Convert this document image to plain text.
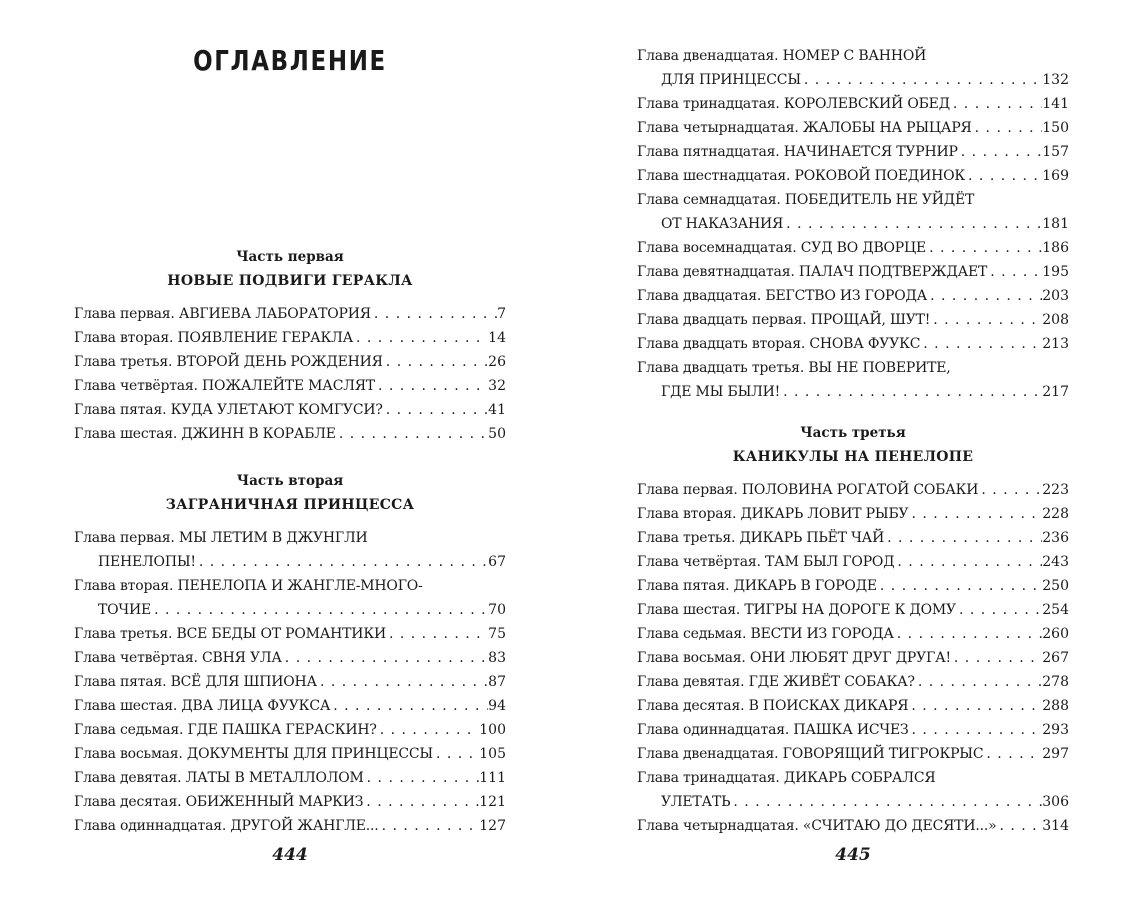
ОГЛАВЛЕНИЕ
Часть первая
НОВЫЕ ПОДВИГИ ГЕРАКЛА
Глава первая. АВГИЕВА ЛАБОРАТОРИЯ . . .	7
Глава вторая. ПОЯВЛЕНИЕ ГЕРАКЛА . . .	14
Глава третья. ВТОРОЙ ДЕНЬ РОЖДЕНИЯ . . .	26
Глава четвёртая. ПОЖАЛЕЙТЕ МАСЛЯТ . . .	32
Глава пятая. КУДА УЛЕТАЮТ КОМГУСИ? . . .	41
Глава шестая. ДЖИНН В КОРАБЛЕ . . .	50
Часть вторая
ЗАГРАНИЧНАЯ ПРИНЦЕССА
Глава первая. МЫ ЛЕТИМ В ДЖУНГЛИ
ПЕНЕЛОПЫ! . . .	67
Глава вторая. ПЕНЕЛОПА И ЖАНГЛЕ-МНОГО-
ТОЧИЕ . . .	70
Глава третья. ВСЕ БЕДЫ ОТ РОМАНТИКИ . . .	75
Глава четвёртая. СВНЯ УЛА . . .	83
Глава пятая. ВСЁ ДЛЯ ШПИОНА . . .	87
Глава шестая. ДВА ЛИЦА ФУУКСА . . .	94
Глава седьмая. ГДЕ ПАШКА ГЕРАСКИН? . . .	100
Глава восьмая. ДОКУМЕНТЫ ДЛЯ ПРИНЦЕССЫ . . .	105
Глава девятая. ЛАТЫ В МЕТАЛЛОЛОМ . . .	111
Глава десятая. ОБИЖЕННЫЙ МАРКИЗ . . .	121
Глава одиннадцатая. ДРУГОЙ ЖАНГЛЕ... . . .	127
Глава двенадцатая. НОМЕР С ВАННОЙ
ДЛЯ ПРИНЦЕССЫ . . .	132
Глава тринадцатая. КОРОЛЕВСКИЙ ОБЕД . . .	141
Глава четырнадцатая. ЖАЛОБЫ НА РЫЦАРЯ . . .	150
Глава пятнадцатая. НАЧИНАЕТСЯ ТУРНИР . . .	157
Глава шестнадцатая. РОКОВОЙ ПОЕДИНОК . . .	169
Глава семнадцатая. ПОБЕДИТЕЛЬ НЕ УЙДЁТ
ОТ НАКАЗАНИЯ . . .	181
Глава восемнадцатая. СУД ВО ДВОРЦЕ . . .	186
Глава девятнадцатая. ПАЛАЧ ПОДТВЕРЖДАЕТ . . .	195
Глава двадцатая. БЕГСТВО ИЗ ГОРОДА . . .	203
Глава двадцать первая. ПРОЩАЙ, ШУТ! . . .	208
Глава двадцать вторая. СНОВА ФУУКС . . .	213
Глава двадцать третья. ВЫ НЕ ПОВЕРИТЕ,
ГДЕ МЫ БЫЛИ! . . .	217
Часть третья
КАНИКУЛЫ НА ПЕНЕЛОПЕ
Глава первая. ПОЛОВИНА РОГАТОЙ СОБАКИ . . .	223
Глава вторая. ДИКАРЬ ЛОВИТ РЫБУ . . .	228
Глава третья. ДИКАРЬ ПЬЁТ ЧАЙ . . .	236
Глава четвёртая. ТАМ БЫЛ ГОРОД . . .	243
Глава пятая. ДИКАРЬ В ГОРОДЕ . . .	250
Глава шестая. ТИГРЫ НА ДОРОГЕ К ДОМУ . . .	254
Глава седьмая. ВЕСТИ ИЗ ГОРОДА . . .	260
Глава восьмая. ОНИ ЛЮБЯТ ДРУГ ДРУГА! . . .	267
Глава девятая. ГДЕ ЖИВЁТ СОБАКА? . . .	278
Глава десятая. В ПОИСКАХ ДИКАРЯ . . .	288
Глава одиннадцатая. ПАШКА ИСЧЕЗ . . .	293
Глава двенадцатая. ГОВОРЯЩИЙ ТИГРОКРЫС . . .	297
Глава тринадцатая. ДИКАРЬ СОБРАЛСЯ
УЛЕТАТЬ . . .	306
Глава четырнадцатая. «СЧИТАЮ ДО ДЕСЯТИ...» . . .	314
444	445
